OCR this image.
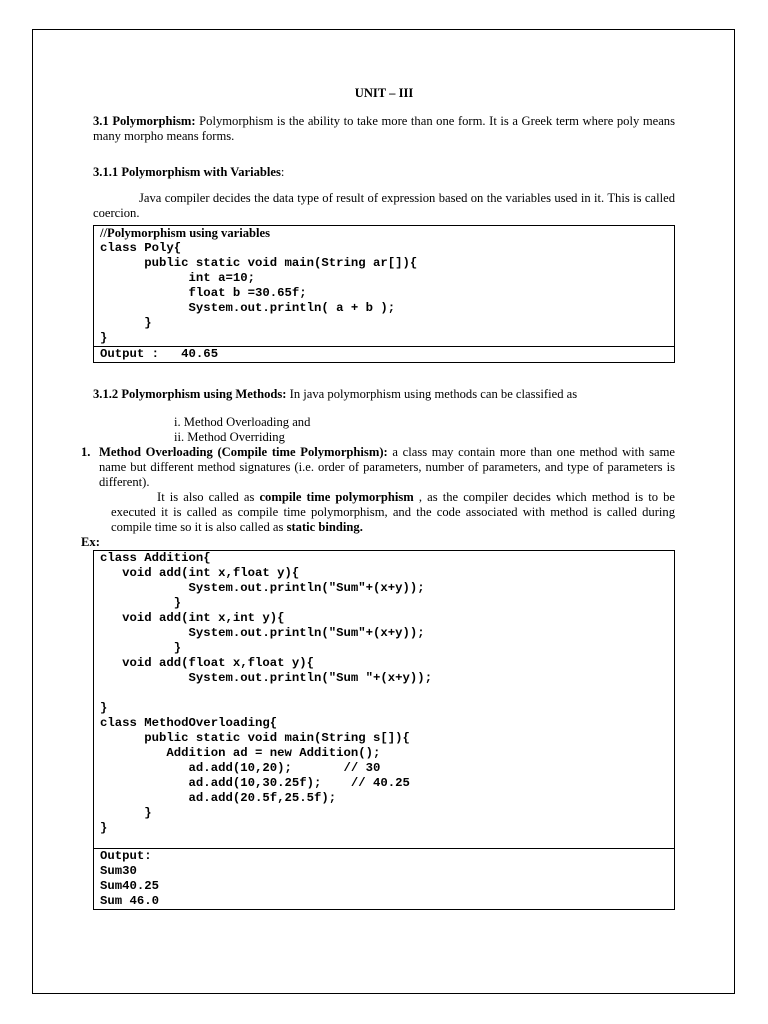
UNIT – III

3.1 Polymorphism: Polymorphism is the ability to take more than one form. It is a Greek term where poly means many morpho means forms.

3.1.1 Polymorphism with Variables:

Java compiler decides the data type of result of expression based on the variables used in it. This is called coercion.

//Polymorphism using variables
class Poly{
public static void main(String ar[]){
int a=10;
float b =30.65f;
System.out.println( a + b );
}
}
Output :   40.65

3.1.2 Polymorphism using Methods: In java polymorphism using methods can be classified as

i. Method Overloading and

ii. Method Overriding

1. Method Overloading (Compile time Polymorphism): a class may contain more than one method with same name but different method signatures (i.e. order of parameters, number of parameters, and type of parameters is different).

It is also called as compile time polymorphism , as the compiler decides which method is to be executed it is called as compile time polymorphism, and the code associated with method is called during compile time so it is also called as static binding.

Ex:

class Addition{
void add(int x,float y){
System.out.println("Sum"+(x+y));
}
void add(int x,int y){
System.out.println("Sum"+(x+y));
}
void add(float x,float y){
System.out.println("Sum "+(x+y));
}
class MethodOverloading{
public static void main(String s[]){
Addition ad = new Addition();
ad.add(10,20);       // 30
ad.add(10,30.25f);    // 40.25
ad.add(20.5f,25.5f);
}
}
Output:
Sum30
Sum40.25
Sum 46.0
